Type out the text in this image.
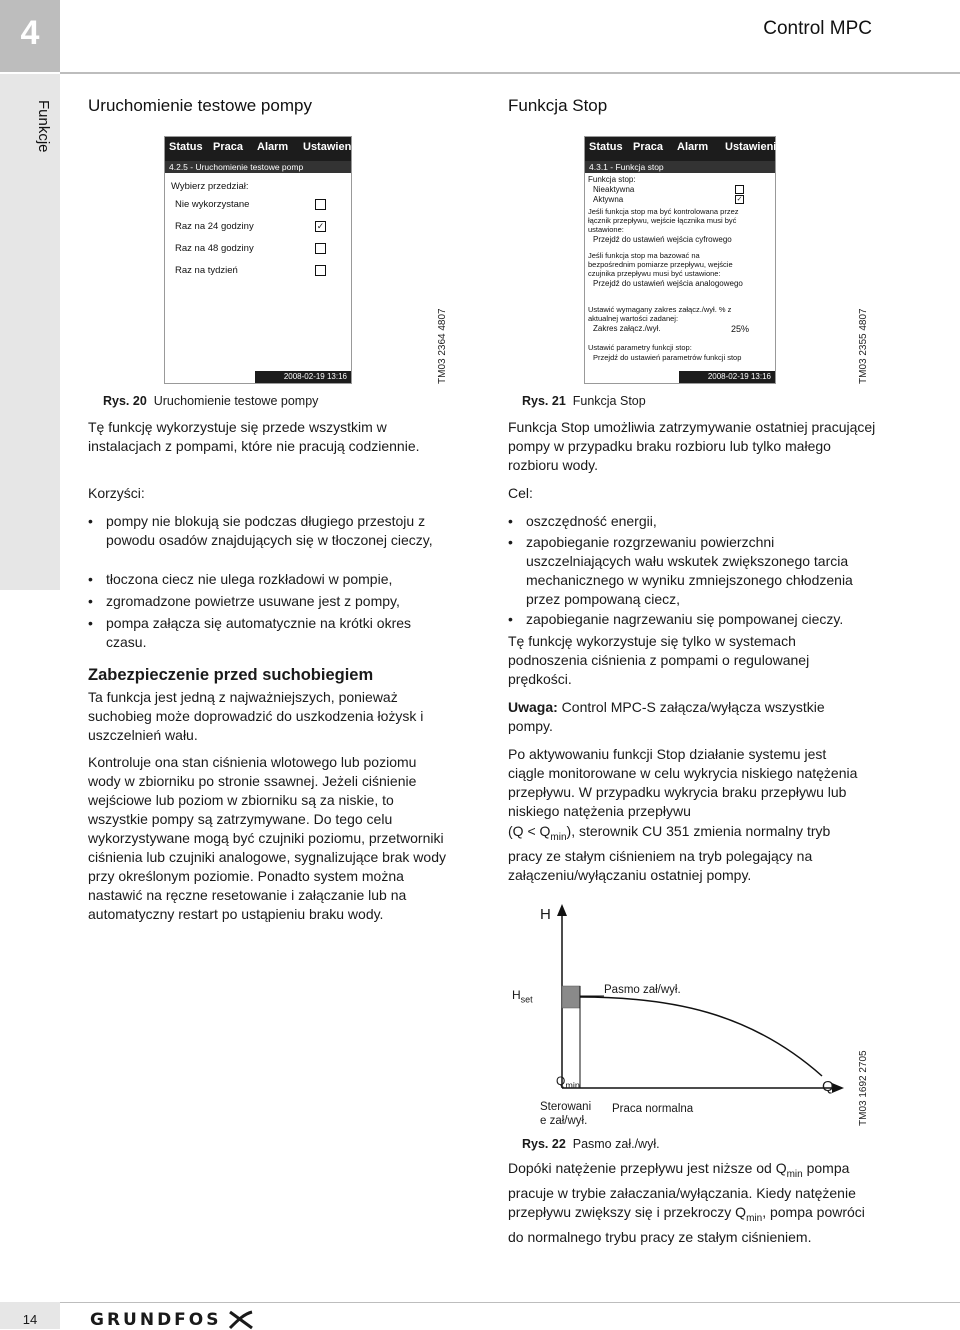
4	Control MPC
Funkcje Uruchomienie testowe pompy
Status Praca Alarm Ustawienia
4.2.5 - Uruchomienie testowe pomp
Wybierz przedział:
Nie wykorzystane
Raz na 24 godziny	✓
Raz na 48 godziny
Raz na tydzień
2008-02-19 13:16	TM03 2364 4807
Rys. 20 Uruchomienie testowe pompy
Tę funkcję wykorzystuje się przede wszystkim w instalacjach z pompami, które nie pracują codziennie.
Korzyści:
• pompy nie blokują sie podczas długiego przestoju z powodu osadów znajdujących się w tłoczonej cieczy,
• tłoczona ciecz nie ulega rozkładowi w pompie,
• zgromadzone powietrze usuwane jest z pompy,
• pompa załącza się automatycznie na krótki okres czasu.
Zabezpieczenie przed suchobiegiem
Ta funkcja jest jedną z najważniejszych, ponieważ suchobieg może doprowadzić do uszkodzenia łożysk i uszczelnień wału.
Kontroluje ona stan ciśnienia wlotowego lub poziomu wody w zbiorniku po stronie ssawnej. Jeżeli ciśnienie wejściowe lub poziom w zbiorniku są za niskie, to wszystkie pompy są zatrzymywane. Do tego celu wykorzystywane mogą być czujniki poziomu, przetworniki ciśnienia lub czujniki analogowe, sygnalizujące brak wody przy określonym poziomie. Ponadto system można nastawić na ręczne resetowanie i załączanie lub na automatyczny restart po ustąpieniu braku wody.
Funkcja Stop
Status Praca Alarm Ustawienia
4.3.1 - Funkcja stop
Funkcja stop:
Nieaktywna
Aktywna	✓
Jeśli funkcja stop ma być kontrolowana przez
łącznik przepływu, wejście łącznika musi być
ustawione:
Przejdź do ustawień wejścia cyfrowego
Jeśli funkcja stop ma bazować na
bezpośrednim pomiarze przepływu, wejście
czujnika przepływu musi być ustawione:
Przejdź do ustawień wejścia analogowego
Ustawić wymagany zakres załącz./wył. % z
aktualnej wartości zadanej:
Zakres załącz./wył.	25%
Ustawić parametry funkcji stop:
Przejdź do ustawień parametrów funkcji stop
2008-02-19 13:16	TM03 2355 4807
Rys. 21 Funkcja Stop
Funkcja Stop umożliwia zatrzymywanie ostatniej pracującej pompy w przypadku braku rozbioru lub tylko małego rozbioru wody.
Cel:
• oszczędność energii,
• zapobieganie rozgrzewaniu powierzchni uszczelniających wału wskutek zwiększonego tarcia mechanicznego w wyniku zmniejszonego chłodzenia przez pompowaną ciecz,
• zapobieganie nagrzewaniu się pompowanej cieczy.
Tę funkcję wykorzystuje się tylko w systemach podnoszenia ciśnienia z pompami o regulowanej prędkości.
Uwaga: Control MPC-S załącza/wyłącza wszystkie pompy.
Po aktywowaniu funkcji Stop działanie systemu jest ciągle monitorowane w celu wykrycia niskiego natężenia przepływu. W przypadku wykrycia braku przepływu lub niskiego natężenia przepływu
$(Q < Q_{min})$, sterownik CU 351 zmienia normalny tryb pracy ze stałym ciśnieniem na tryb polegający na załączeniu/wyłączaniu ostatniej pompy.
H
$H_{set}$
Pasmo zał/wył.
$Q_{min}$	Q
Sterowani
e zał/wył.
Praca normalna	TM03 1692 2705
Rys. 22 Pasmo zał./wył.
Dopóki natężenie przepływu jest niższe od $Q_{min}$ pompa pracuje w trybie załaczania/wyłączania. Kiedy natężenie przepływu zwiększy się i przekroczy $Q_{min}$, pompa powróci do normalnego trybu pracy ze stałym ciśnieniem.
14	GRUNDFOS
